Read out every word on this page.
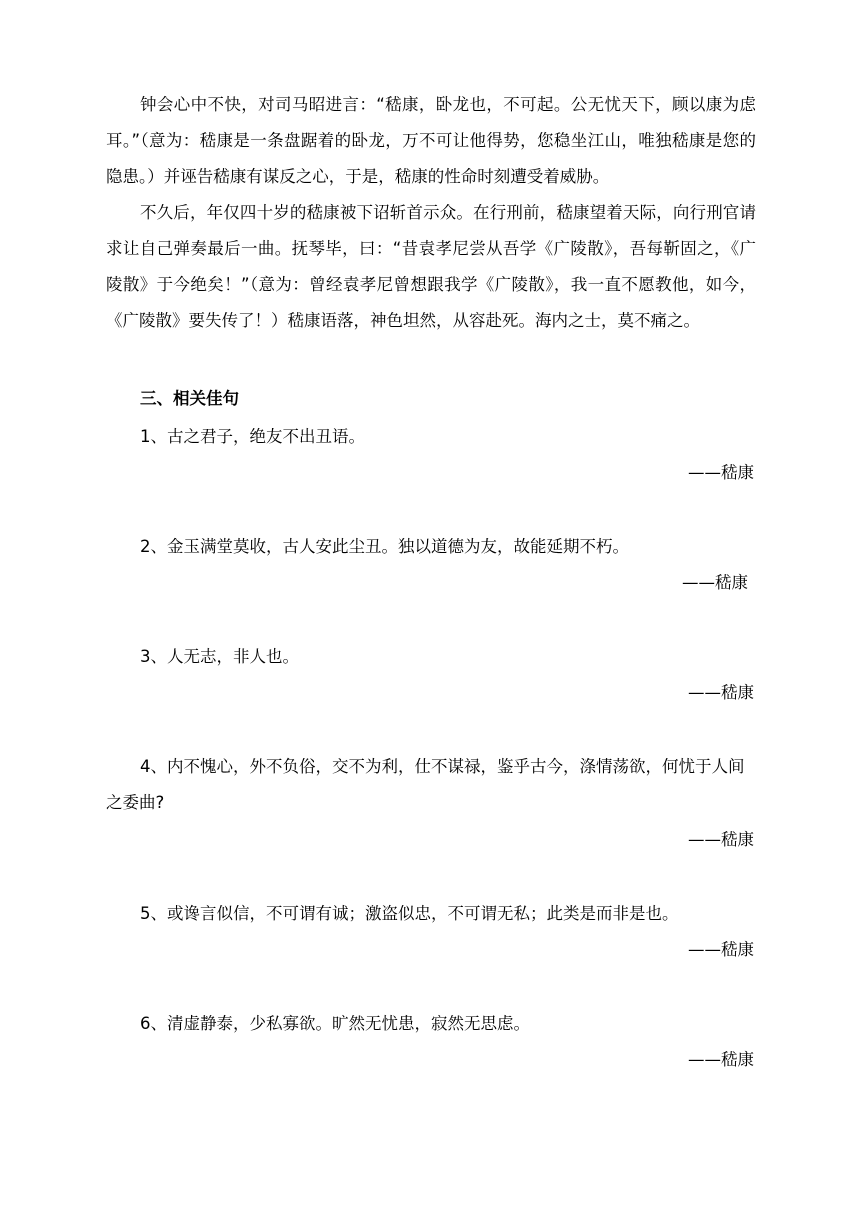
钟会心中不快，对司马昭进言：“嵇康，卧龙也，不可起。公无忧天下，顾以康为虑耳。”（意为：嵇康是一条盘踞着的卧龙，万不可让他得势，您稳坐江山，唯独嵇康是您的隐患。）并诬告嵇康有谋反之心，于是，嵇康的性命时刻遭受着威胁。

不久后，年仅四十岁的嵇康被下诏斩首示众。在行刑前，嵇康望着天际，向行刑官请求让自己弹奏最后一曲。抚琴毕，曰：“昔袁孝尼尝从吾学《广陵散》，吾每靳固之，《广陵散》于今绝矣！”（意为：曾经袁孝尼曾想跟我学《广陵散》，我一直不愿教他，如今，《广陵散》要失传了！）嵇康语落，神色坦然，从容赴死。海内之士，莫不痛之。

三、相关佳句

1、古之君子，绝友不出丑语。

——嵇康

2、金玉满堂莫收，古人安此尘丑。独以道德为友，故能延期不朽。

——嵇康

3、人无志，非人也。

——嵇康

4、内不愧心，外不负俗，交不为利，仕不谋禄，鉴乎古今，涤情荡欲，何忧于人间之委曲?

——嵇康

5、或谗言似信，不可谓有诚；激盗似忠，不可谓无私；此类是而非是也。

——嵇康

6、清虚静泰，少私寡欲。旷然无忧患，寂然无思虑。

——嵇康
